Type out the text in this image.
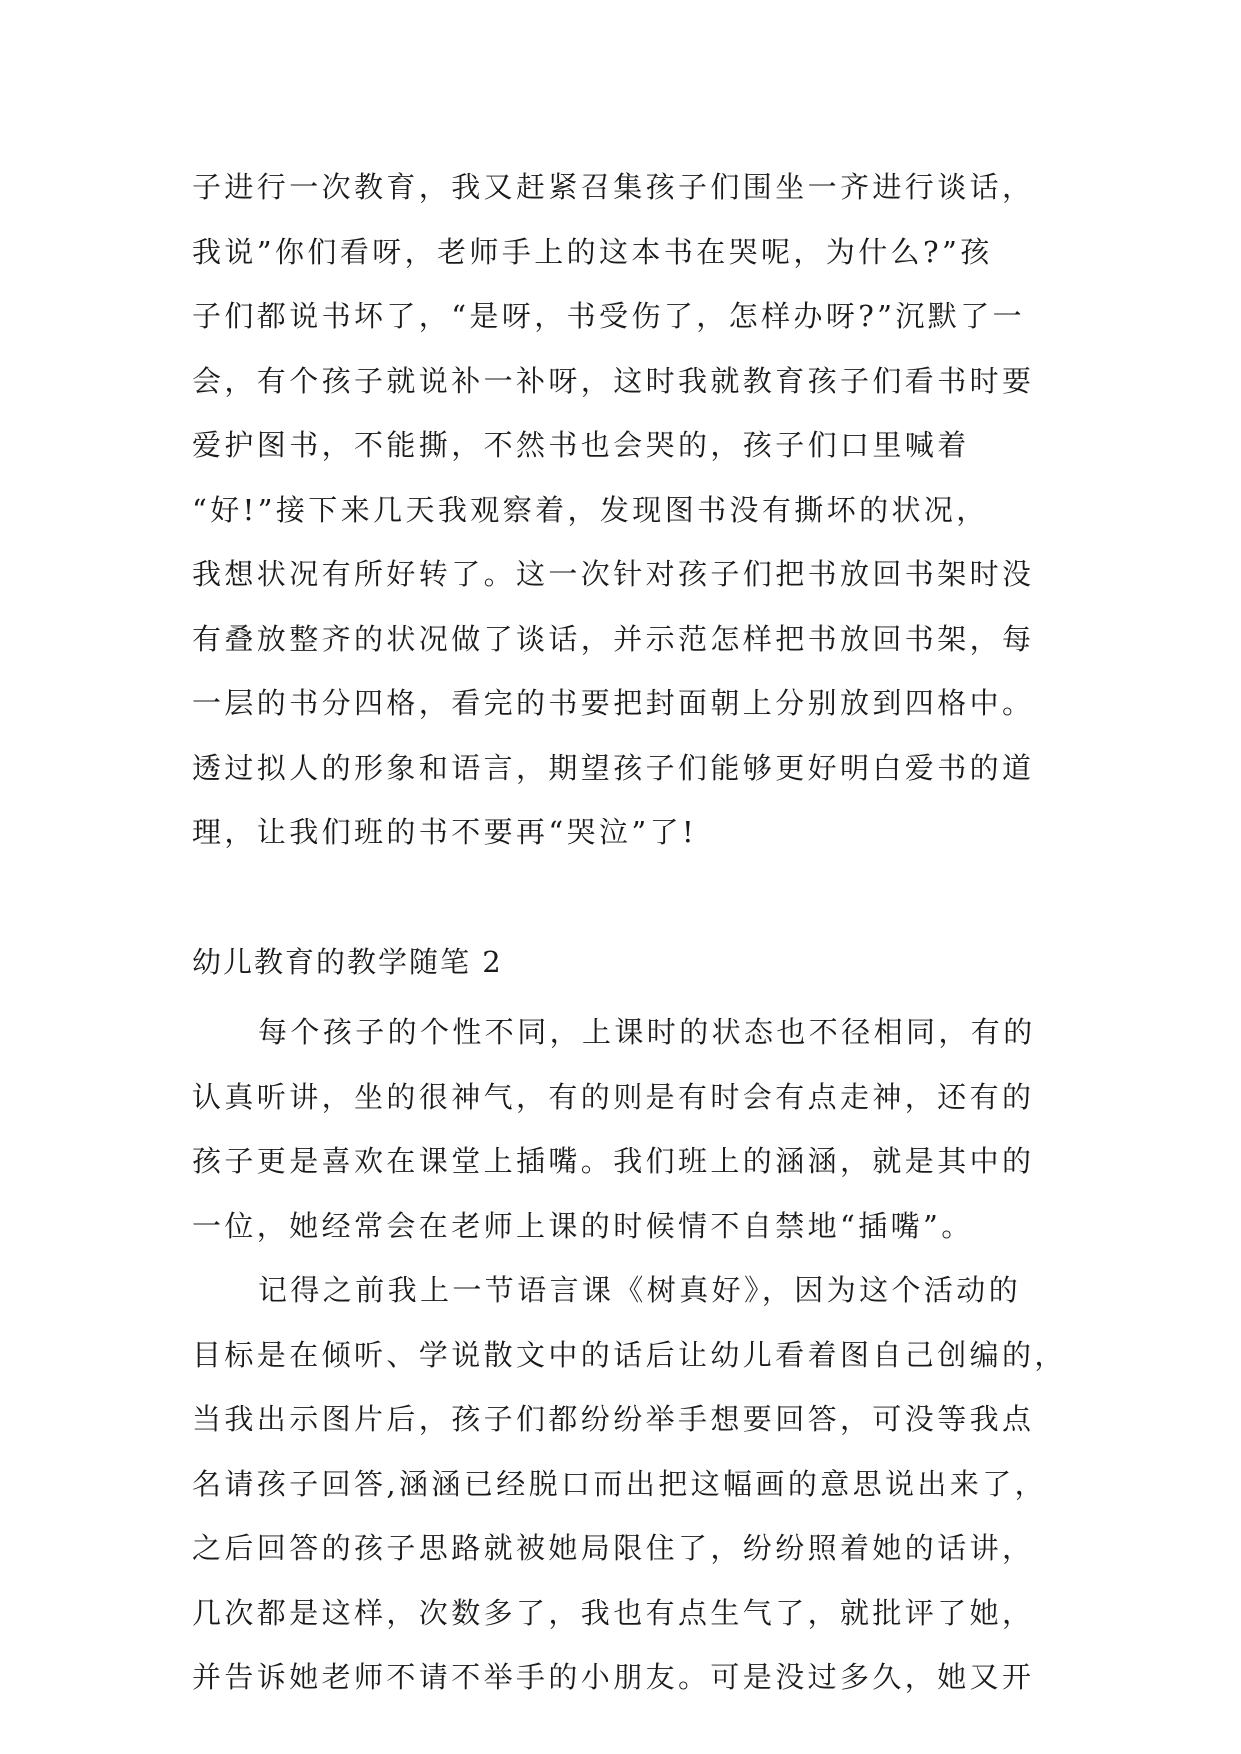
子进行一次教育，我又赶紧召集孩子们围坐一齐进行谈话，
我说”你们看呀，老师手上的这本书在哭呢，为什么?”孩
子们都说书坏了，“是呀，书受伤了，怎样办呀?”沉默了一
会，有个孩子就说补一补呀，这时我就教育孩子们看书时要
爱护图书，不能撕，不然书也会哭的，孩子们口里喊着
“好!”接下来几天我观察着，发现图书没有撕坏的状况，
我想状况有所好转了。这一次针对孩子们把书放回书架时没
有叠放整齐的状况做了谈话，并示范怎样把书放回书架，每
一层的书分四格，看完的书要把封面朝上分别放到四格中。
透过拟人的形象和语言，期望孩子们能够更好明白爱书的道
理，让我们班的书不要再“哭泣”了!
幼儿教育的教学随笔 2
每个孩子的个性不同，上课时的状态也不径相同，有的
认真听讲，坐的很神气，有的则是有时会有点走神，还有的
孩子更是喜欢在课堂上插嘴。我们班上的涵涵，就是其中的
一位，她经常会在老师上课的时候情不自禁地“插嘴”。
记得之前我上一节语言课《树真好》，因为这个活动的
目标是在倾听、学说散文中的话后让幼儿看着图自己创编的，
当我出示图片后，孩子们都纷纷举手想要回答，可没等我点
名请孩子回答,涵涵已经脱口而出把这幅画的意思说出来了，
之后回答的孩子思路就被她局限住了，纷纷照着她的话讲，
几次都是这样，次数多了，我也有点生气了，就批评了她，
并告诉她老师不请不举手的小朋友。可是没过多久，她又开
